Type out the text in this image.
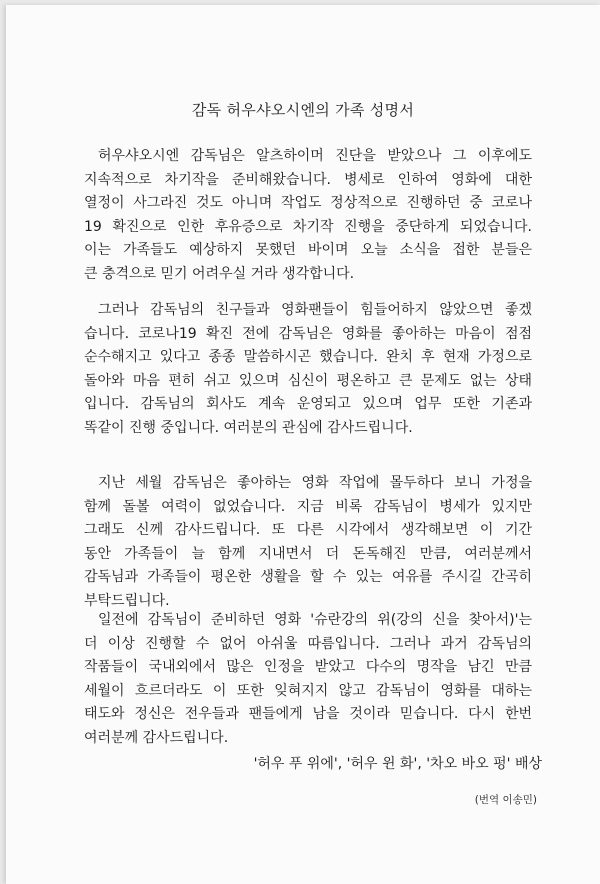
감독 허우샤오시엔의 가족 성명서
허우샤오시엔 감독님은 알츠하이머 진단을 받았으나 그 이후에도
지속적으로 차기작을 준비해왔습니다. 병세로 인하여 영화에 대한
열정이 사그라진 것도 아니며 작업도 정상적으로 진행하던 중 코로나
19 확진으로 인한 후유증으로 차기작 진행을 중단하게 되었습니다.
이는 가족들도 예상하지 못했던 바이며 오늘 소식을 접한 분들은
큰 충격으로 믿기 어려우실 거라 생각합니다.
그러나 감독님의 친구들과 영화팬들이 힘들어하지 않았으면 좋겠
습니다. 코로나19 확진 전에 감독님은 영화를 좋아하는 마음이 점점
순수해지고 있다고 종종 말씀하시곤 했습니다. 완치 후 현재 가정으로
돌아와 마음 편히 쉬고 있으며 심신이 평온하고 큰 문제도 없는 상태
입니다. 감독님의 회사도 계속 운영되고 있으며 업무 또한 기존과
똑같이 진행 중입니다. 여러분의 관심에 감사드립니다.
지난 세월 감독님은 좋아하는 영화 작업에 몰두하다 보니 가정을
함께 돌볼 여력이 없었습니다. 지금 비록 감독님이 병세가 있지만
그래도 신께 감사드립니다. 또 다른 시각에서 생각해보면 이 기간
동안 가족들이 늘 함께 지내면서 더 돈독해진 만큼, 여러분께서
감독님과 가족들이 평온한 생활을 할 수 있는 여유를 주시길 간곡히
부탁드립니다.
일전에 감독님이 준비하던 영화 '슈란강의 위(강의 신을 찾아서)'는
더 이상 진행할 수 없어 아쉬울 따름입니다. 그러나 과거 감독님의
작품들이 국내외에서 많은 인정을 받았고 다수의 명작을 남긴 만큼
세월이 흐르더라도 이 또한 잊혀지지 않고 감독님이 영화를 대하는
태도와 정신은 전우들과 팬들에게 남을 것이라 믿습니다. 다시 한번
여러분께 감사드립니다.
'허우 푸 위에', '허우 윈 화', '차오 바오 펑' 배상
(번역 이송민)
